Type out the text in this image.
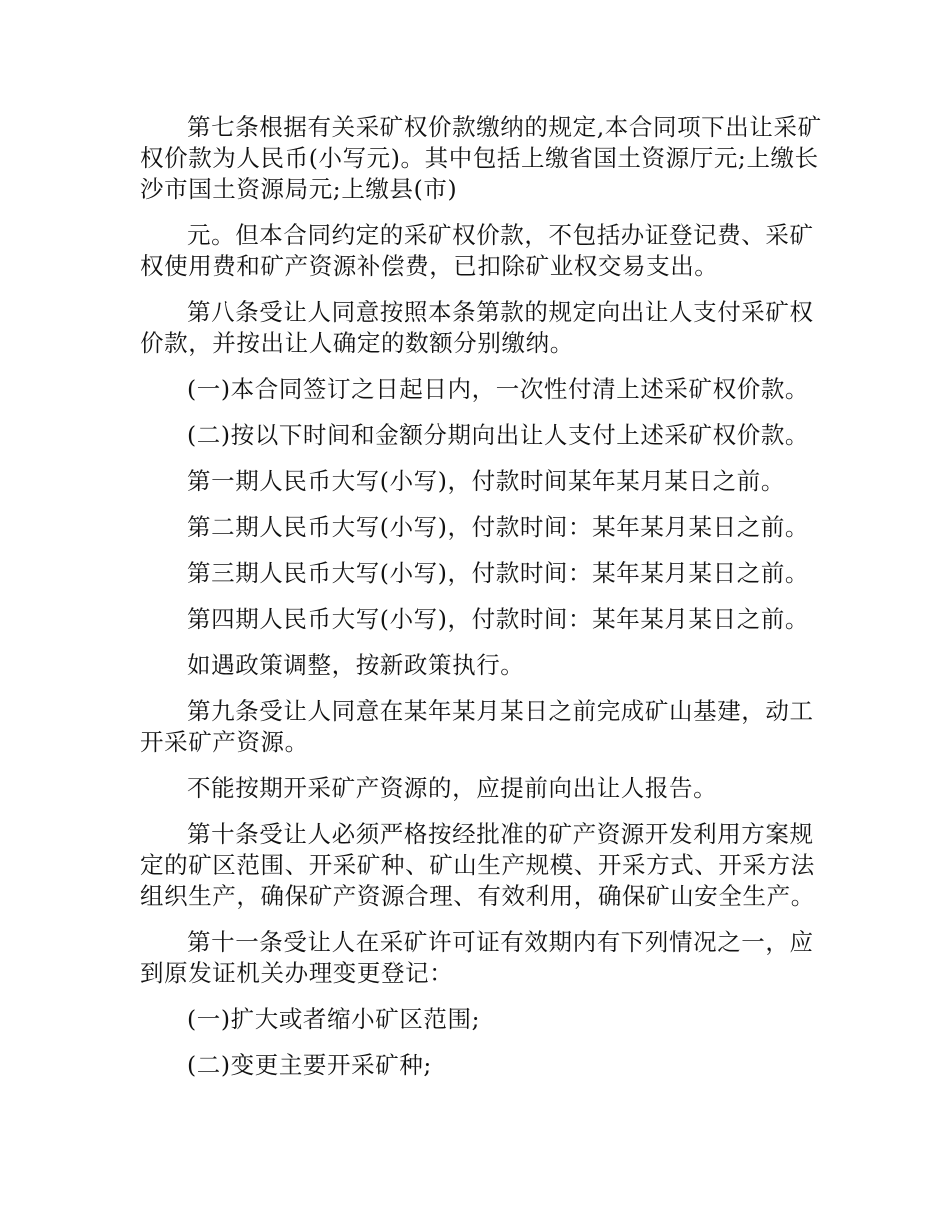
第七条根据有关采矿权价款缴纳的规定,本合同项下出让采矿权价款为人民币(小写元)。其中包括上缴省国土资源厅元;上缴长沙市国土资源局元;上缴县(市)

元。但本合同约定的采矿权价款，不包括办证登记费、采矿权使用费和矿产资源补偿费，已扣除矿业权交易支出。

第八条受让人同意按照本条第款的规定向出让人支付采矿权价款，并按出让人确定的数额分别缴纳。

(一)本合同签订之日起日内，一次性付清上述采矿权价款。

(二)按以下时间和金额分期向出让人支付上述采矿权价款。

第一期人民币大写(小写)，付款时间某年某月某日之前。

第二期人民币大写(小写)，付款时间：某年某月某日之前。

第三期人民币大写(小写)，付款时间：某年某月某日之前。

第四期人民币大写(小写)，付款时间：某年某月某日之前。

如遇政策调整，按新政策执行。

第九条受让人同意在某年某月某日之前完成矿山基建，动工开采矿产资源。

不能按期开采矿产资源的，应提前向出让人报告。

第十条受让人必须严格按经批准的矿产资源开发利用方案规定的矿区范围、开采矿种、矿山生产规模、开采方式、开采方法组织生产，确保矿产资源合理、有效利用，确保矿山安全生产。

第十一条受让人在采矿许可证有效期内有下列情况之一，应到原发证机关办理变更登记：

(一)扩大或者缩小矿区范围;

(二)变更主要开采矿种;
